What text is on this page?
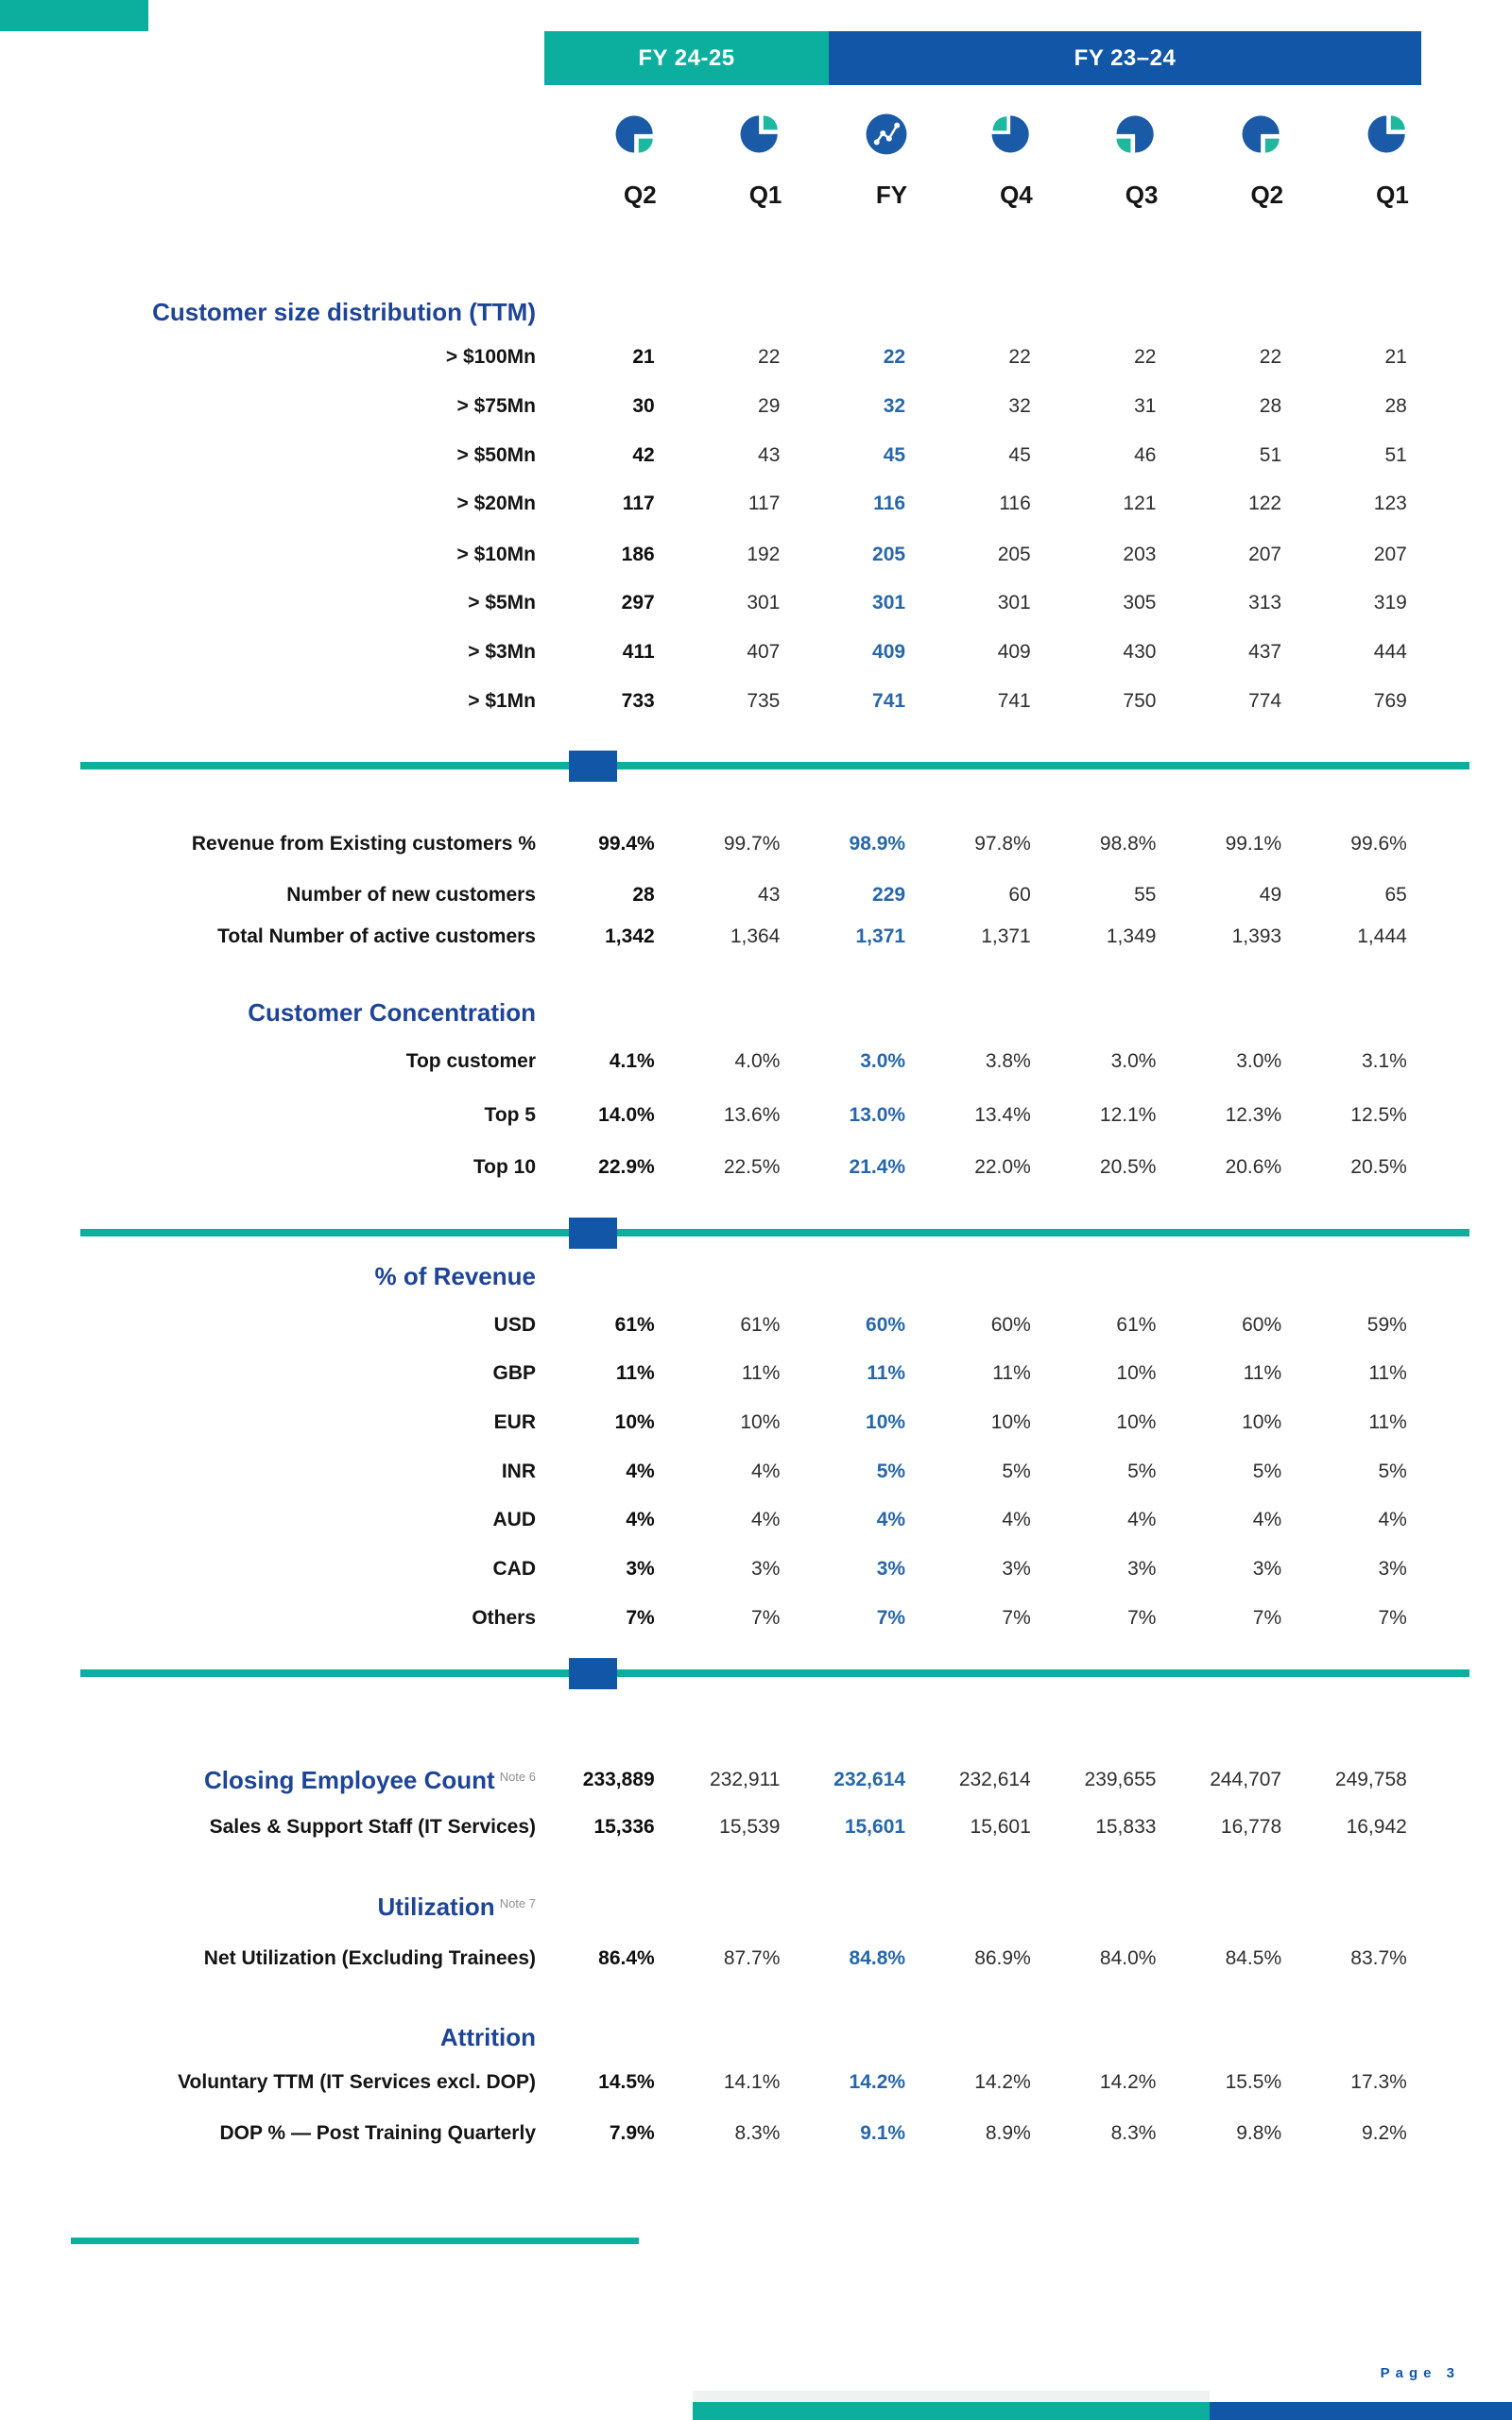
FY 24-25	FY 23–24
Q2	Q1	FY	Q4	Q3	Q2	Q1
Customer size distribution (TTM)
> $100Mn	21	22	22	22	22	22	21
> $75Mn	30	29	32	32	31	28	28
> $50Mn	42	43	45	45	46	51	51
> $20Mn	117	117	116	116	121	122	123
> $10Mn	186	192	205	205	203	207	207
> $5Mn	297	301	301	301	305	313	319
> $3Mn	411	407	409	409	430	437	444
> $1Mn	733	735	741	741	750	774	769
Revenue from Existing customers %	99.4%	99.7%	98.9%	97.8%	98.8%	99.1%	99.6%
Number of new customers	28	43	229	60	55	49	65
Total Number of active customers	1,342	1,364	1,371	1,371	1,349	1,393	1,444
Customer Concentration
Top customer	4.1%	4.0%	3.0%	3.8%	3.0%	3.0%	3.1%
Top 5	14.0%	13.6%	13.0%	13.4%	12.1%	12.3%	12.5%
Top 10	22.9%	22.5%	21.4%	22.0%	20.5%	20.6%	20.5%
% of Revenue
USD	61%	61%	60%	60%	61%	60%	59%
GBP	11%	11%	11%	11%	10%	11%	11%
EUR	10%	10%	10%	10%	10%	10%	11%
INR	4%	4%	5%	5%	5%	5%	5%
AUD	4%	4%	4%	4%	4%	4%	4%
CAD	3%	3%	3%	3%	3%	3%	3%
Others	7%	7%	7%	7%	7%	7%	7%
Closing Employee Count $^{Note 6}$	233,889	232,911	232,614	232,614	239,655	244,707	249,758
Sales & Support Staff (IT Services)	15,336	15,539	15,601	15,601	15,833	16,778	16,942
Utilization $^{Note 7}$
Net Utilization (Excluding Trainees)	86.4%	87.7%	84.8%	86.9%	84.0%	84.5%	83.7%
Attrition
Voluntary TTM (IT Services excl. DOP)	14.5%	14.1%	14.2%	14.2%	14.2%	15.5%	17.3%
DOP % — Post Training Quarterly	7.9%	8.3%	9.1%	8.9%	8.3%	9.8%	9.2%
Page 3
